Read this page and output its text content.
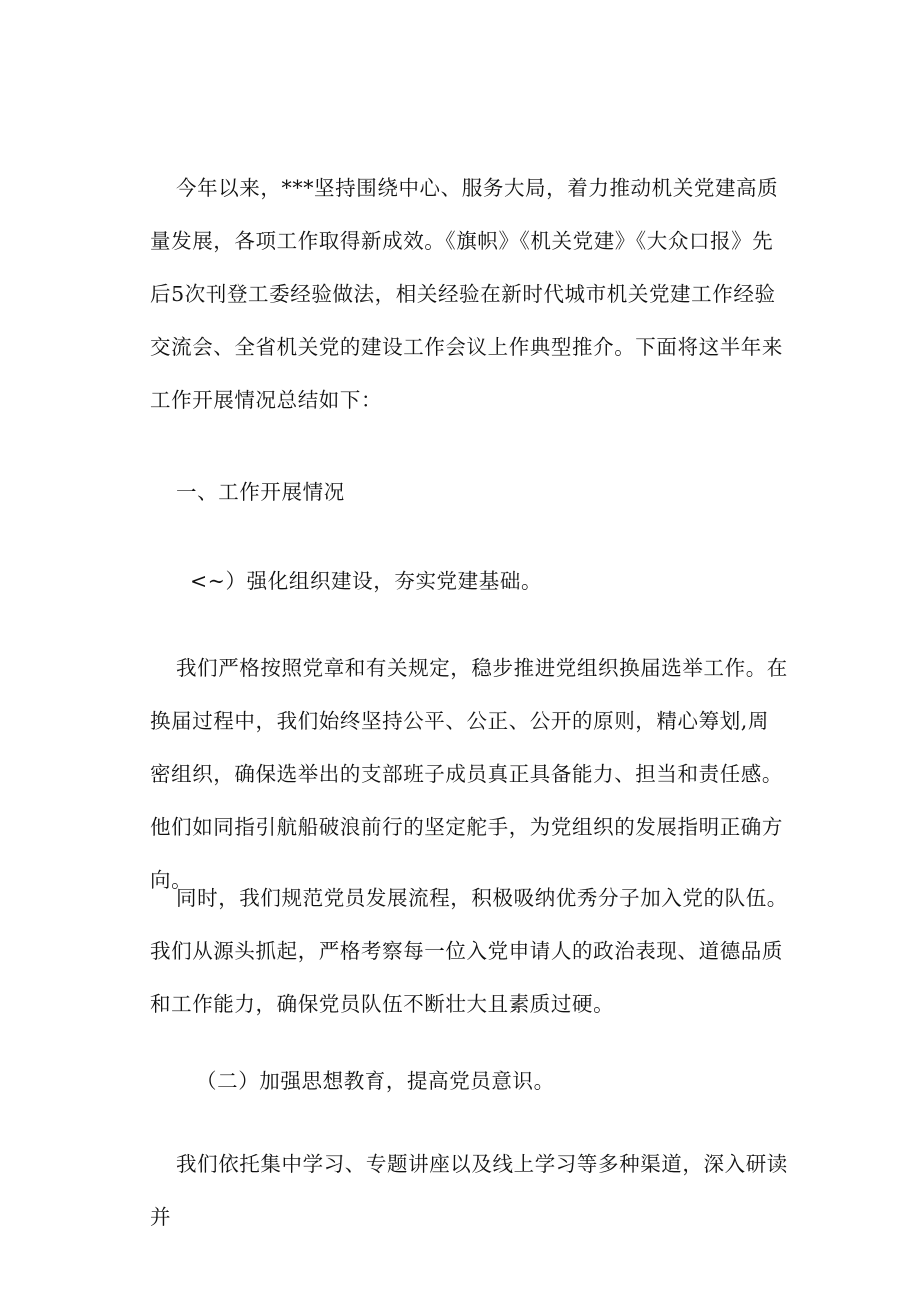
今年以来，***坚持围绕中心、服务大局，着力推动机关党建高质量发展，各项工作取得新成效。《旗帜》《机关党建》《大众口报》先后5次刊登工委经验做法，相关经验在新时代城市机关党建工作经验交流会、全省机关党的建设工作会议上作典型推介。下面将这半年来工作开展情况总结如下：
一、工作开展情况
<~）强化组织建设，夯实党建基础。
我们严格按照党章和有关规定，稳步推进党组织换届选举工作。在换届过程中，我们始终坚持公平、公正、公开的原则，精心筹划,周密组织，确保选举出的支部班子成员真正具备能力、担当和责任感。他们如同指引航船破浪前行的坚定舵手，为党组织的发展指明正确方向。
同时，我们规范党员发展流程，积极吸纳优秀分子加入党的队伍。我们从源头抓起，严格考察每一位入党申请人的政治表现、道德品质和工作能力，确保党员队伍不断壮大且素质过硬。
（二）加强思想教育，提高党员意识。
我们依托集中学习、专题讲座以及线上学习等多种渠道，深入研读并
